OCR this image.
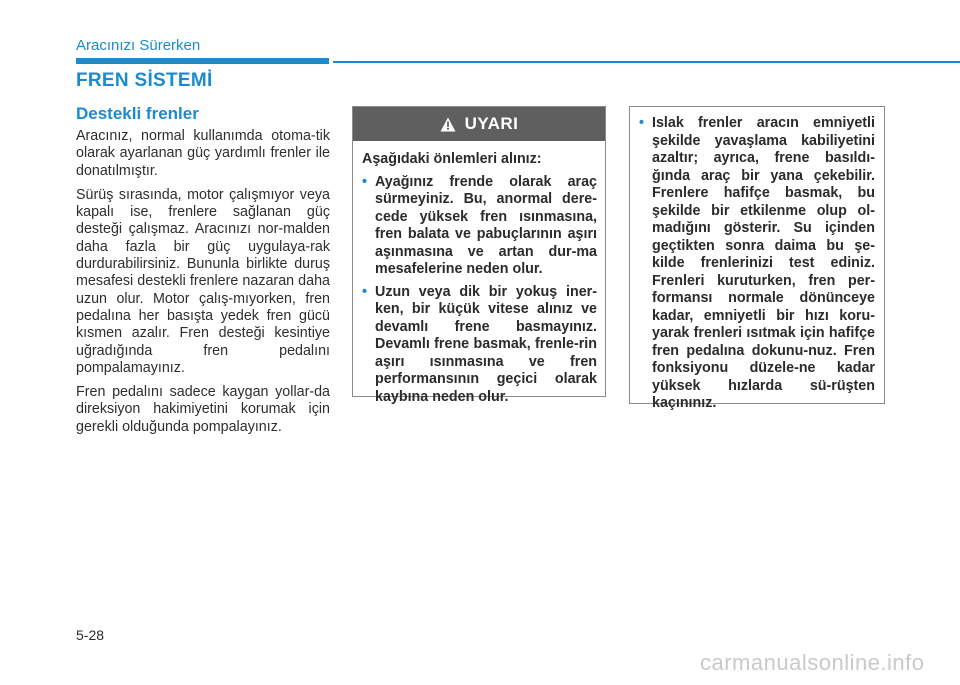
Aracınızı Sürerken
FREN SİSTEMİ
Destekli frenler

Aracınız, normal kullanımda otoma-tik olarak ayarlanan güç yardımlı frenler ile donatılmıştır.

Sürüş sırasında, motor çalışmıyor veya kapalı ise, frenlere sağlanan güç desteği çalışmaz. Aracınızı nor-malden daha fazla bir güç uygulaya-rak durdurabilirsiniz. Bununla birlikte duruş mesafesi destekli frenlere nazaran daha uzun olur. Motor çalış-mıyorken, fren pedalına her basışta yedek fren gücü kısmen azalır. Fren desteği kesintiye uğradığında fren pedalını pompalamayınız.

Fren pedalını sadece kaygan yollar-da direksiyon hakimiyetini korumak için gerekli olduğunda pompalayınız.

UYARI

Aşağıdaki önlemleri alınız:

• Ayağınız frende olarak araç sürmeyiniz. Bu, anormal dere-cede yüksek fren ısınmasına, fren balata ve pabuçlarının aşırı aşınmasına ve artan dur-ma mesafelerine neden olur.
• Uzun veya dik bir yokuş iner-ken, bir küçük vitese alınız ve devamlı frene basmayınız. Devamlı frene basmak, frenle-rin aşırı ısınmasına ve fren performansının geçici olarak kaybına neden olur.
• Islak frenler aracın emniyetli şekilde yavaşlama kabiliyetini azaltır; ayrıca, frene basıldı-ğında araç bir yana çekebilir. Frenlere hafifçe basmak, bu şekilde bir etkilenme olup ol-madığını gösterir. Su içinden geçtikten sonra daima bu şe-kilde frenlerinizi test ediniz. Frenleri kuruturken, fren per-formansı normale dönünceye kadar, emniyetli bir hızı koru-yarak frenleri ısıtmak için hafifçe fren pedalına dokunu-nuz. Fren fonksiyonu düzele-ne kadar yüksek hızlarda sü-rüşten kaçınınız.
5-28
carmanualsonline.info
